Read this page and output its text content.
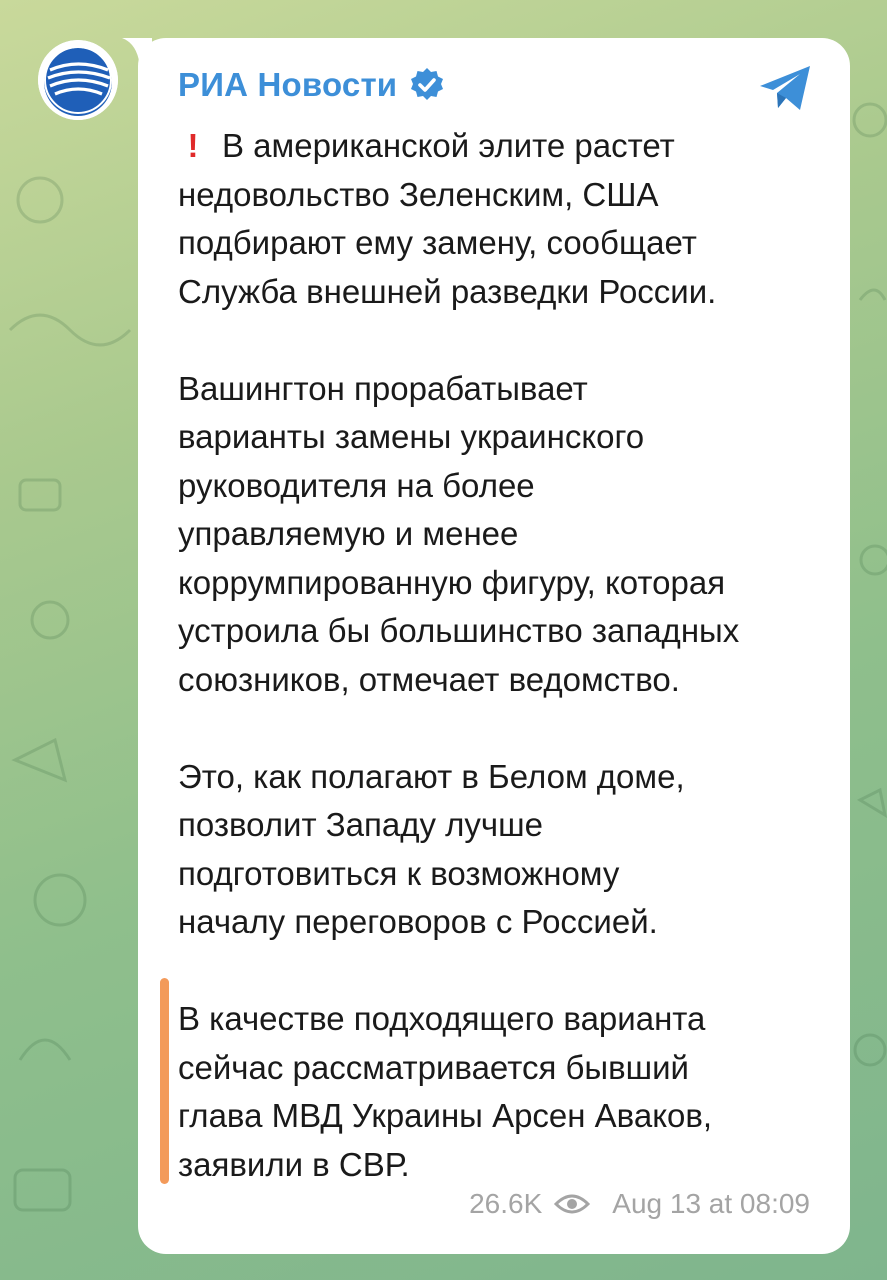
РИА Новости

! В американской элите растет
недовольство Зеленским, США
подбирают ему замену, сообщает
Служба внешней разведки России.

Вашингтон прорабатывает
варианты замены украинского
руководителя на более
управляемую и менее
коррумпированную фигуру, которая
устроила бы большинство западных
союзников, отмечает ведомство.

Это, как полагают в Белом доме,
позволит Западу лучше
подготовиться к возможному
началу переговоров с Россией.

В качестве подходящего варианта
сейчас рассматривается бывший
глава МВД Украины Арсен Аваков,
заявили в СВР.

26.6K	Aug 13 at 08:09
